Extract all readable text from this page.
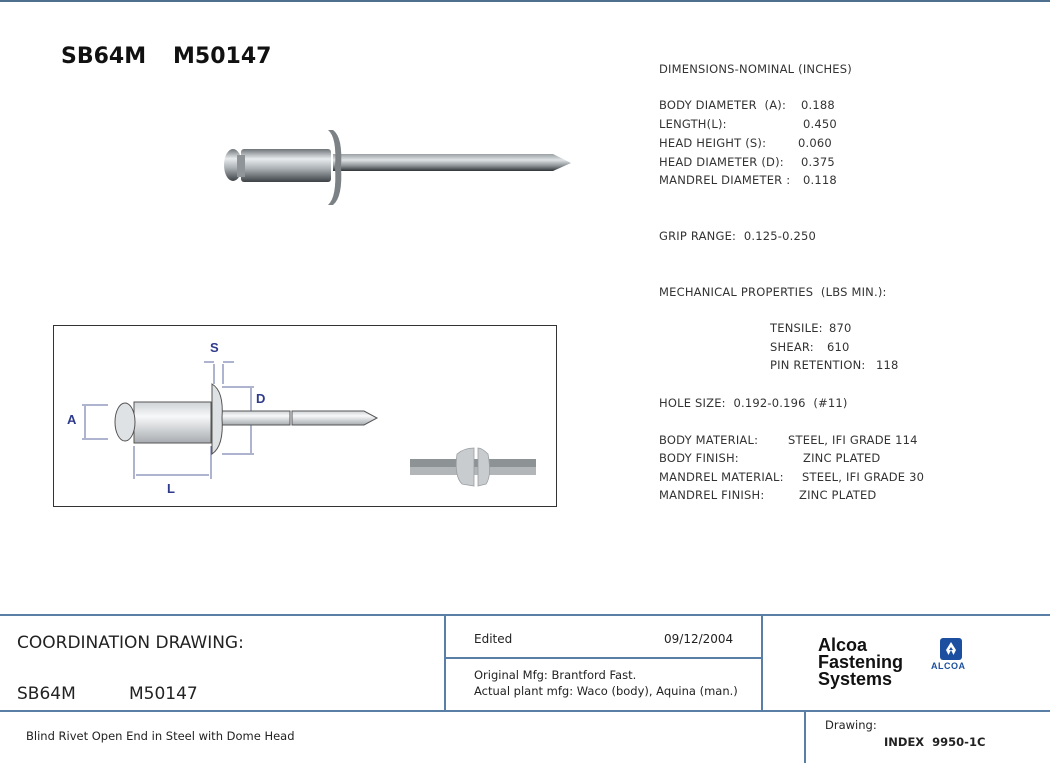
SB64M M50147	DIMENSIONS-NOMINAL (INCHES)
BODY DIAMETER  (A): 0.188
LENGTH(L):	0.450
HEAD HEIGHT (S):	0.060
HEAD DIAMETER (D): 0.375
MANDREL DIAMETER : 0.118
GRIP RANGE:  0.125-0.250
MECHANICAL PROPERTIES  (LBS MIN.):
TENSILE: 870
SHEAR: 610
PIN RETENTION: 118
HOLE SIZE:  0.192-0.196  (#11)
BODY MATERIAL:	STEEL, IFI GRADE 114
BODY FINISH:	ZINC PLATED
MANDREL MATERIAL: STEEL, IFI GRADE 30
MANDREL FINISH:	ZINC PLATED
A
L
S
D
COORDINATION DRAWING:
SB64M	M50147
Edited	09/12/2004
Original Mfg: Brantford Fast.
Actual plant mfg: Waco (body), Aquina (man.)
Alcoa
Fastening
Systems
ALCOA
Blind Rivet Open End in Steel with Dome Head
Drawing:
INDEX  9950-1C
